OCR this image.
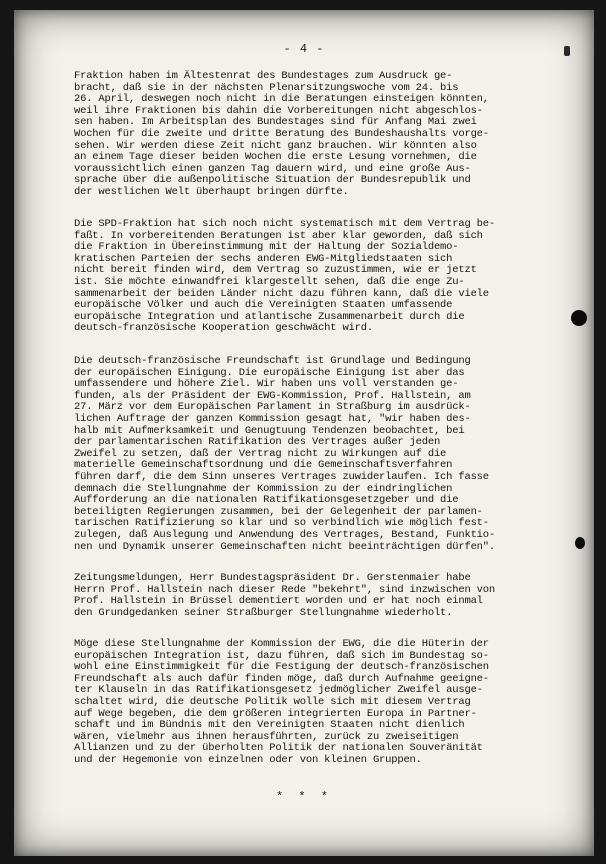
- 4 -

Fraktion haben im Ältestenrat des Bundestages zum Ausdruck ge-
bracht, daß sie in der nächsten Plenarsitzungswoche vom 24. bis
26. April, deswegen noch nicht in die Beratungen einsteigen könnten,
weil ihre Fraktionen bis dahin die Vorbereitungen nicht abgeschlos-
sen haben. Im Arbeitsplan des Bundestages sind für Anfang Mai zwei
Wochen für die zweite und dritte Beratung des Bundeshaushalts vorge-
sehen. Wir werden diese Zeit nicht ganz brauchen. Wir könnten also
an einem Tage dieser beiden Wochen die erste Lesung vornehmen, die
voraussichtlich einen ganzen Tag dauern wird, und eine große Aus-
sprache über die außenpolitische Situation der Bundesrepublik und
der westlichen Welt überhaupt bringen dürfte.

Die SPD-Fraktion hat sich noch nicht systematisch mit dem Vertrag be-
faßt. In vorbereitenden Beratungen ist aber klar geworden, daß sich
die Fraktion in Übereinstimmung mit der Haltung der Sozialdemo-
kratischen Parteien der sechs anderen EWG-Mitgliedstaaten sich
nicht bereit finden wird, dem Vertrag so zuzustimmen, wie er jetzt
ist. Sie möchte einwandfrei klargestellt sehen, daß die enge Zu-
sammenarbeit der beiden Länder nicht dazu führen kann, daß die viele
europäische Völker und auch die Vereinigten Staaten umfassende
europäische Integration und atlantische Zusammenarbeit durch die
deutsch-französische Kooperation geschwächt wird.

Die deutsch-französische Freundschaft ist Grundlage und Bedingung
der europäischen Einigung. Die europäische Einigung ist aber das
umfassendere und höhere Ziel. Wir haben uns voll verstanden ge-
funden, als der Präsident der EWG-Kommission, Prof. Hallstein, am
27. März vor dem Europäischen Parlament in Straßburg im ausdrück-
lichen Auftrage der ganzen Kommission gesagt hat, "wir haben des-
halb mit Aufmerksamkeit und Genugtuung Tendenzen beobachtet, bei
der parlamentarischen Ratifikation des Vertrages außer jeden
Zweifel zu setzen, daß der Vertrag nicht zu Wirkungen auf die
materielle Gemeinschaftsordnung und die Gemeinschaftsverfahren
führen darf, die dem Sinn unseres Vertrages zuwiderlaufen. Ich fasse
demnach die Stellungnahme der Kommission zu der eindringlichen
Aufforderung an die nationalen Ratifikationsgesetzgeber und die
beteiligten Regierungen zusammen, bei der Gelegenheit der parlamen-
tarischen Ratifizierung so klar und so verbindlich wie möglich fest-
zulegen, daß Auslegung und Anwendung des Vertrages, Bestand, Funktio-
nen und Dynamik unserer Gemeinschaften nicht beeinträchtigen dürfen".

Zeitungsmeldungen, Herr Bundestagspräsident Dr. Gerstenmaier habe
Herrn Prof. Hallstein nach dieser Rede "bekehrt", sind inzwischen von
Prof. Hallstein in Brüssel dementiert worden und er hat noch einmal
den Grundgedanken seiner Straßburger Stellungnahme wiederholt.

Möge diese Stellungnahme der Kommission der EWG, die die Hüterin der
europäischen Integration ist, dazu führen, daß sich im Bundestag so-
wohl eine Einstimmigkeit für die Festigung der deutsch-französischen
Freundschaft als auch dafür finden möge, daß durch Aufnahme geeigne-
ter Klauseln in das Ratifikationsgesetz jedmöglicher Zweifel ausge-
schaltet wird, die deutsche Politik wolle sich mit diesem Vertrag
auf Wege begeben, die dem größeren integrierten Europa in Partner-
schaft und im Bündnis mit den Vereinigten Staaten nicht dienlich
wären, vielmehr aus ihnen herausführten, zurück zu zweiseitigen
Allianzen und zu der überholten Politik der nationalen Souveränität
und der Hegemonie von einzelnen oder von kleinen Gruppen.

* * *
